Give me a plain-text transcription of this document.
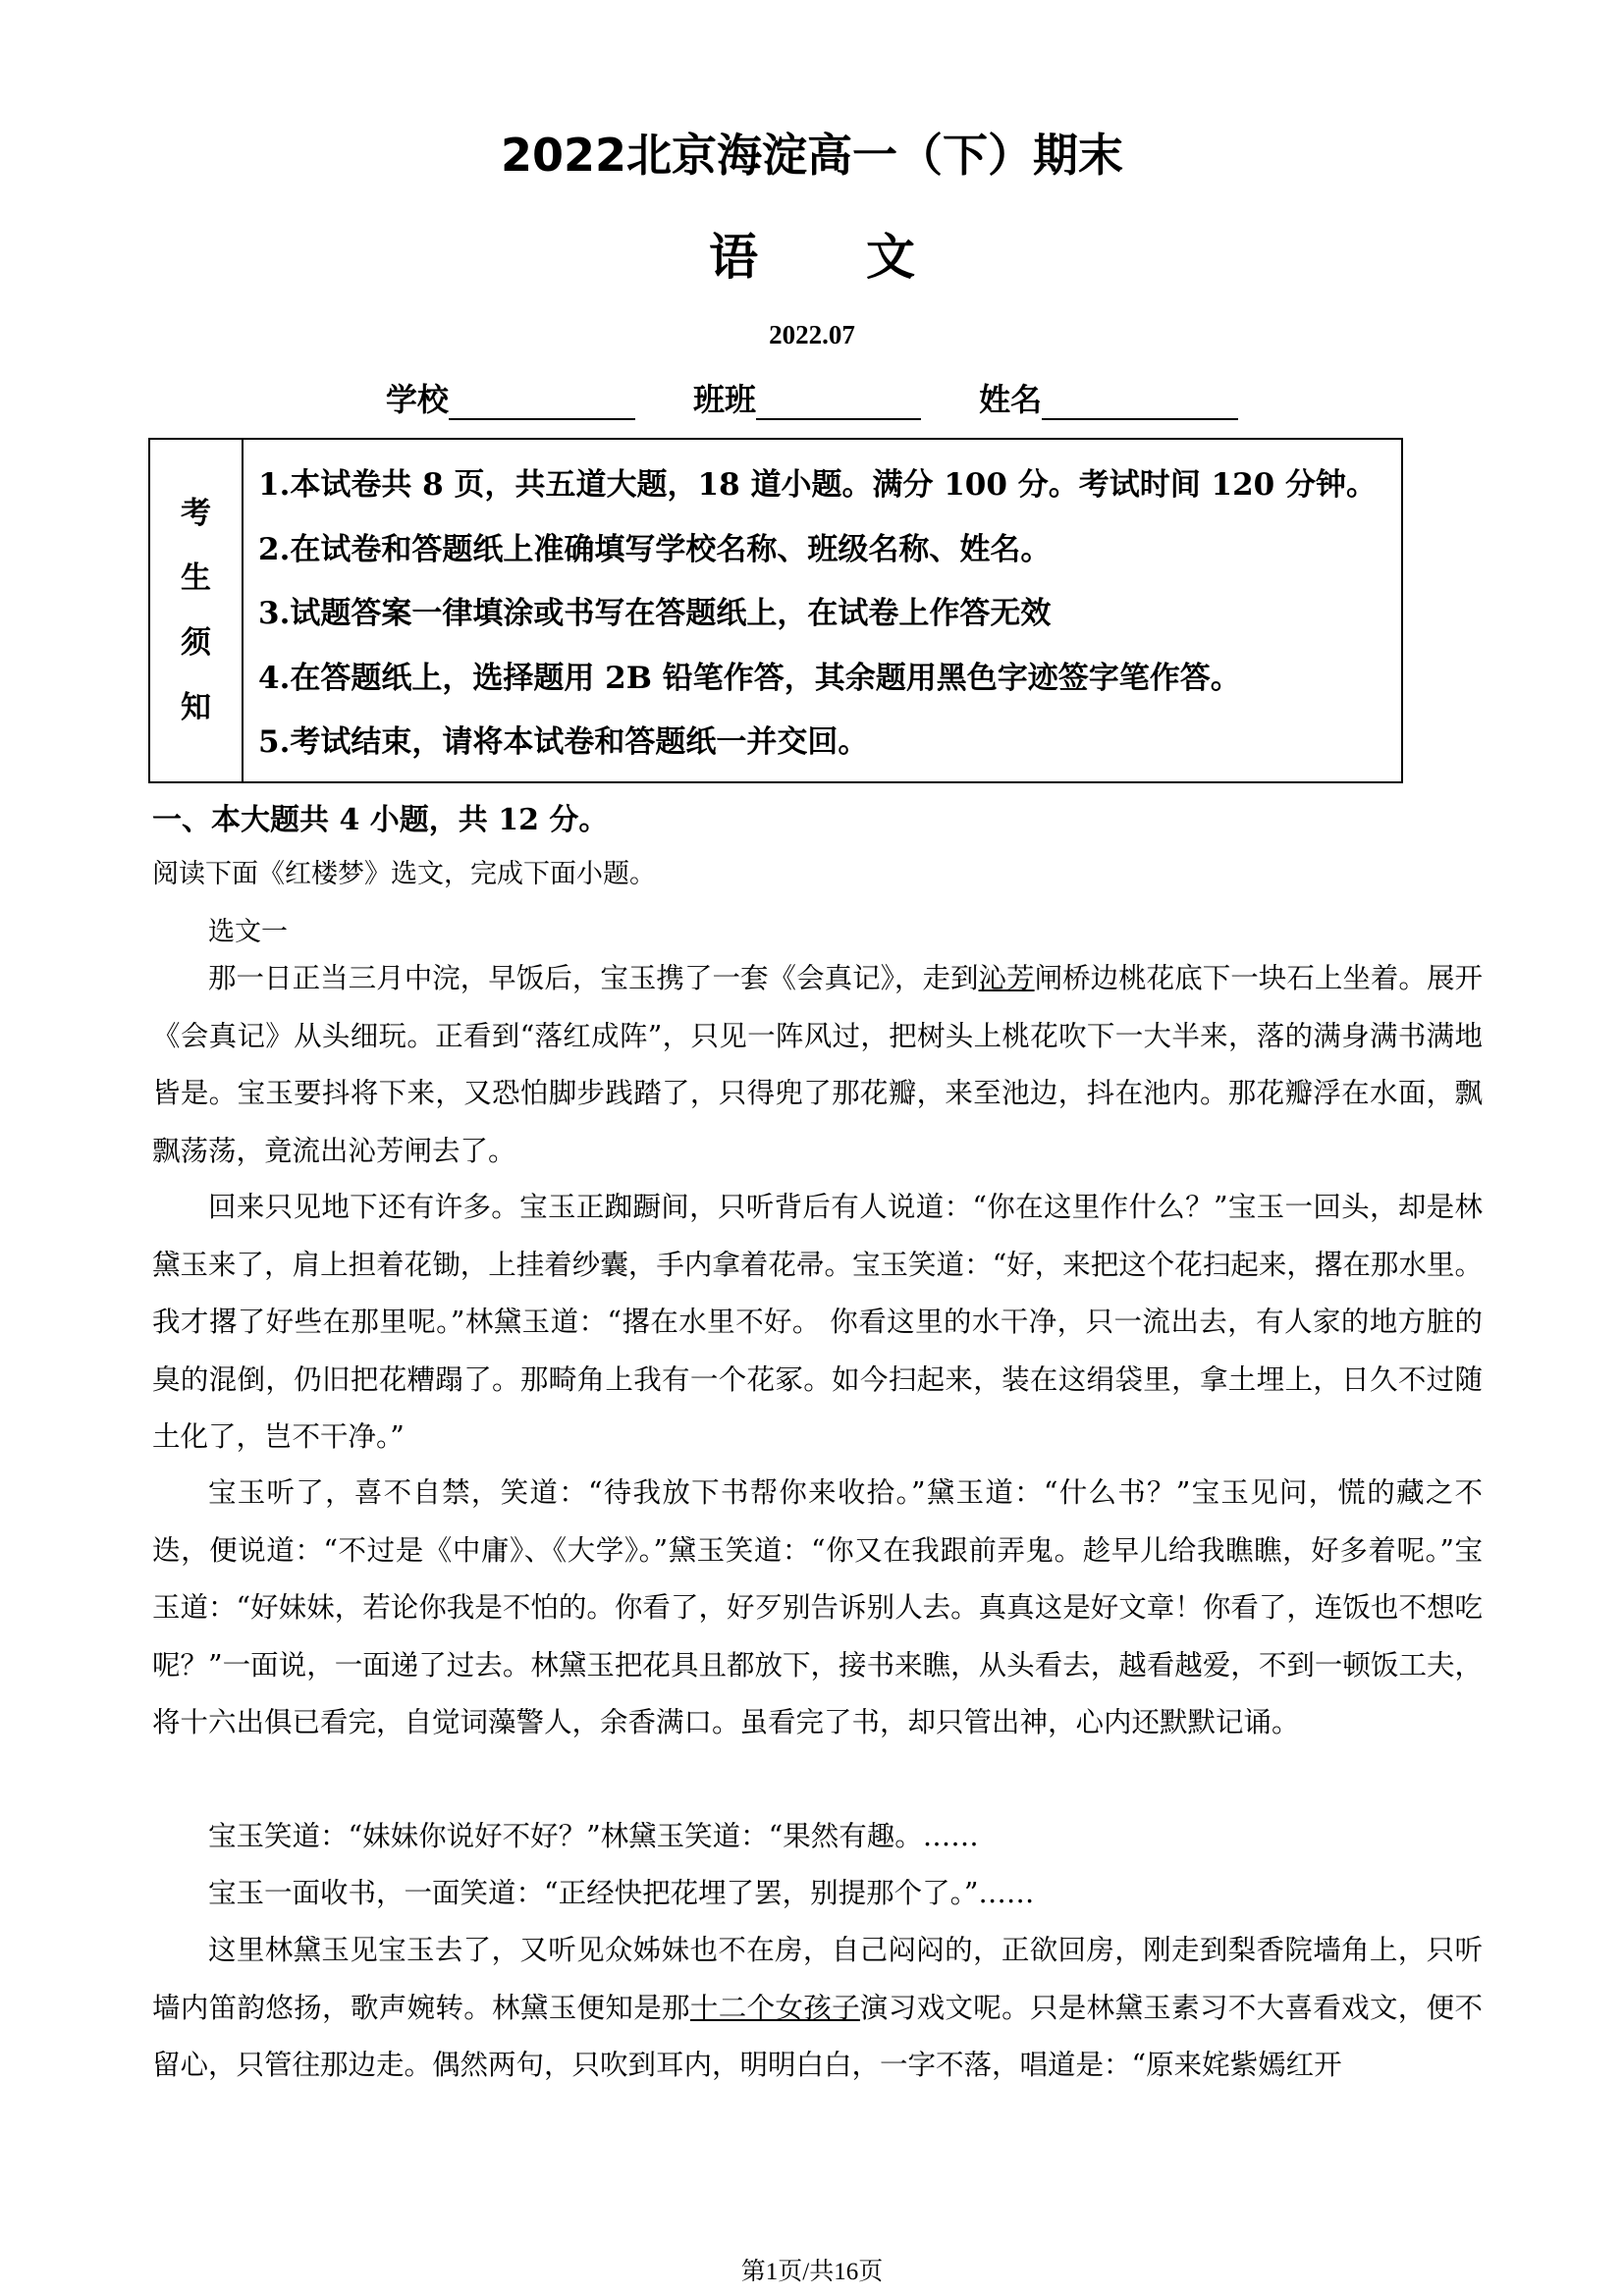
2022北京海淀高一（下）期末
语文
2022.07
学校	班班	姓名
考
生
须
知
1.本试卷共 8 页，共五道大题，18 道小题。满分 100 分。考试时间 120 分钟。
2.在试卷和答题纸上准确填写学校名称、班级名称、姓名。
3.试题答案一律填涂或书写在答题纸上，在试卷上作答无效
4.在答题纸上，选择题用 2B 铅笔作答，其余题用黑色字迹签字笔作答。
5.考试结束，请将本试卷和答题纸一并交回。
一、本大题共 4 小题，共 12 分。
阅读下面《红楼梦》选文，完成下面小题。
选文一
那一日正当三月中浣，早饭后，宝玉携了一套《会真记》，走到沁芳闸桥边桃花底下一块石上坐着。展开《会真记》从头细玩。正看到“落红成阵”，只见一阵风过，把树头上桃花吹下一大半来，落的满身满书满地皆是。宝玉要抖将下来，又恐怕脚步践踏了，只得兜了那花瓣，来至池边，抖在池内。那花瓣浮在水面，飘飘荡荡，竟流出沁芳闸去了。
回来只见地下还有许多。宝玉正踟蹰间，只听背后有人说道：“你在这里作什么？”宝玉一回头，却是林黛玉来了，肩上担着花锄，上挂着纱囊，手内拿着花帚。宝玉笑道：“好，来把这个花扫起来，撂在那水里。我才撂了好些在那里呢。”林黛玉道：“撂在水里不好。 你看这里的水干净，只一流出去，有人家的地方脏的臭的混倒，仍旧把花糟蹋了。那畸角上我有一个花冢。如今扫起来，装在这绢袋里，拿土埋上，日久不过随土化了，岂不干净。”
宝玉听了，喜不自禁，笑道：“待我放下书帮你来收拾。”黛玉道：“什么书？”宝玉见问，慌的藏之不迭，便说道：“不过是《中庸》、《大学》。”黛玉笑道：“你又在我跟前弄鬼。趁早儿给我瞧瞧，好多着呢。”宝玉道：“好妹妹，若论你我是不怕的。你看了，好歹别告诉别人去。真真这是好文章！你看了，连饭也不想吃呢？”一面说，一面递了过去。林黛玉把花具且都放下，接书来瞧，从头看去，越看越爱，不到一顿饭工夫，将十六出俱已看完，自觉词藻警人，余香满口。虽看完了书，却只管出神，心内还默默记诵。
宝玉笑道：“妹妹你说好不好？”林黛玉笑道：“果然有趣。……
宝玉一面收书，一面笑道：“正经快把花埋了罢，别提那个了。”……
这里林黛玉见宝玉去了，又听见众姊妹也不在房，自己闷闷的，正欲回房，刚走到梨香院墙角上，只听墙内笛韵悠扬，歌声婉转。林黛玉便知是那十二个女孩子演习戏文呢。只是林黛玉素习不大喜看戏文，便不留心，只管往那边走。偶然两句，只吹到耳内，明明白白，一字不落，唱道是：“原来姹紫嫣红开
第1页/共16页
